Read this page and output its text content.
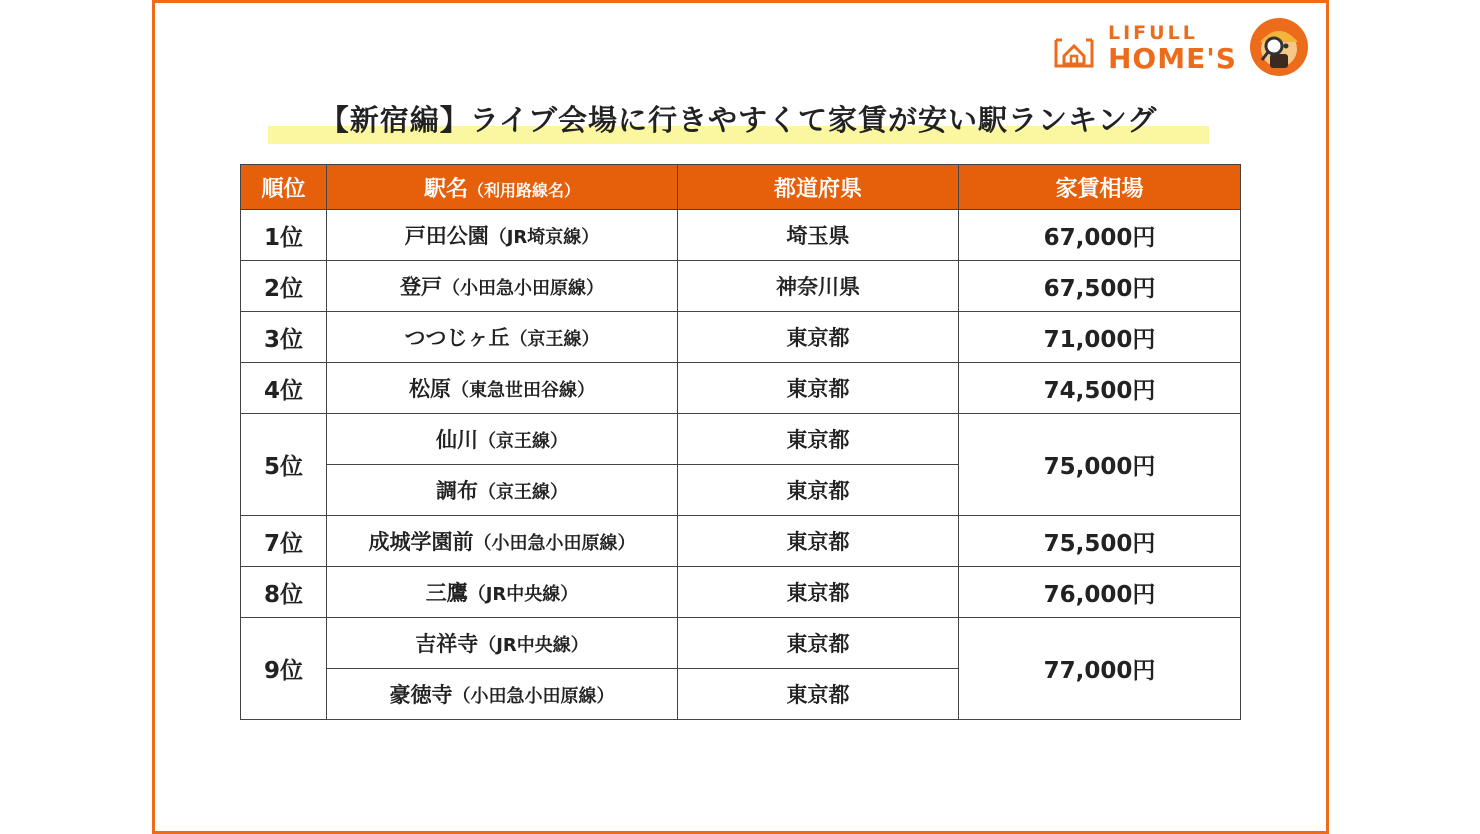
LIFULL
HOME'S
【新宿編】ライブ会場に行きやすくて家賃が安い駅ランキング
順位	駅名（利用路線名）	都道府県	家賃相場
1位	戸田公園（JR埼京線）	埼玉県	67,000円
2位	登戸（小田急小田原線）	神奈川県	67,500円
3位	つつじヶ丘（京王線）	東京都	71,000円
4位	松原（東急世田谷線）	東京都	74,500円
5位	仙川（京王線）	東京都	75,000円
	調布（京王線）	東京都	
7位	成城学園前（小田急小田原線）	東京都	75,500円
8位	三鷹（JR中央線）	東京都	76,000円
9位	吉祥寺（JR中央線）	東京都	77,000円
	豪徳寺（小田急小田原線）	東京都	
